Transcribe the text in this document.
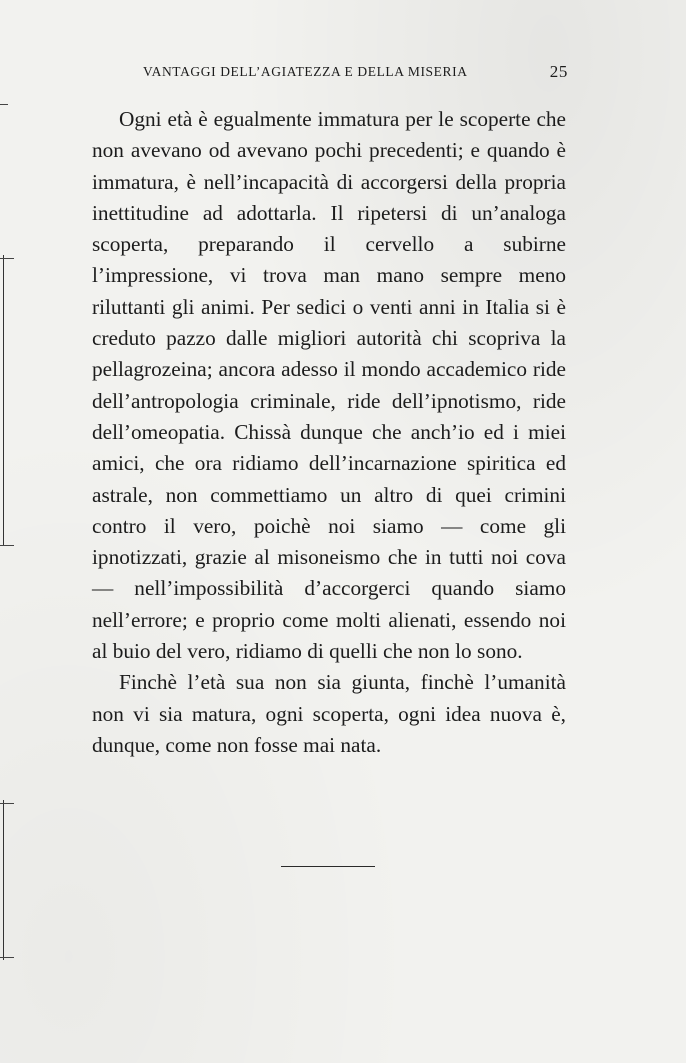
VANTAGGI DELL’AGIATEZZA E DELLA MISERIA	25

Ogni età è egualmente immatura per le scoperte che non avevano od avevano pochi precedenti; e quando è immatura, è nell’incapacità di accorgersi della propria inettitudine ad adottarla. Il ripetersi di un’analoga scoperta, preparando il cervello a subirne l’impressione, vi trova man mano sempre meno riluttanti gli animi. Per sedici o venti anni in Italia si è creduto pazzo dalle migliori autorità chi scopriva la pellagrozeina; ancora adesso il mondo accademico ride dell’antropologia criminale, ride dell’ipnotismo, ride dell’omeopatia. Chissà dunque che anch’io ed i miei amici, che ora ridiamo dell’incarnazione spiritica ed astrale, non commettiamo un altro di quei crimini contro il vero, poichè noi siamo — come gli ipnotizzati, grazie al misoneismo che in tutti noi cova — nell’impossibilità d’accorgerci quando siamo nell’errore; e proprio come molti alienati, essendo noi al buio del vero, ridiamo di quelli che non lo sono.

Finchè l’età sua non sia giunta, finchè l’umanità non vi sia matura, ogni scoperta, ogni idea nuova è, dunque, come non fosse mai nata.
